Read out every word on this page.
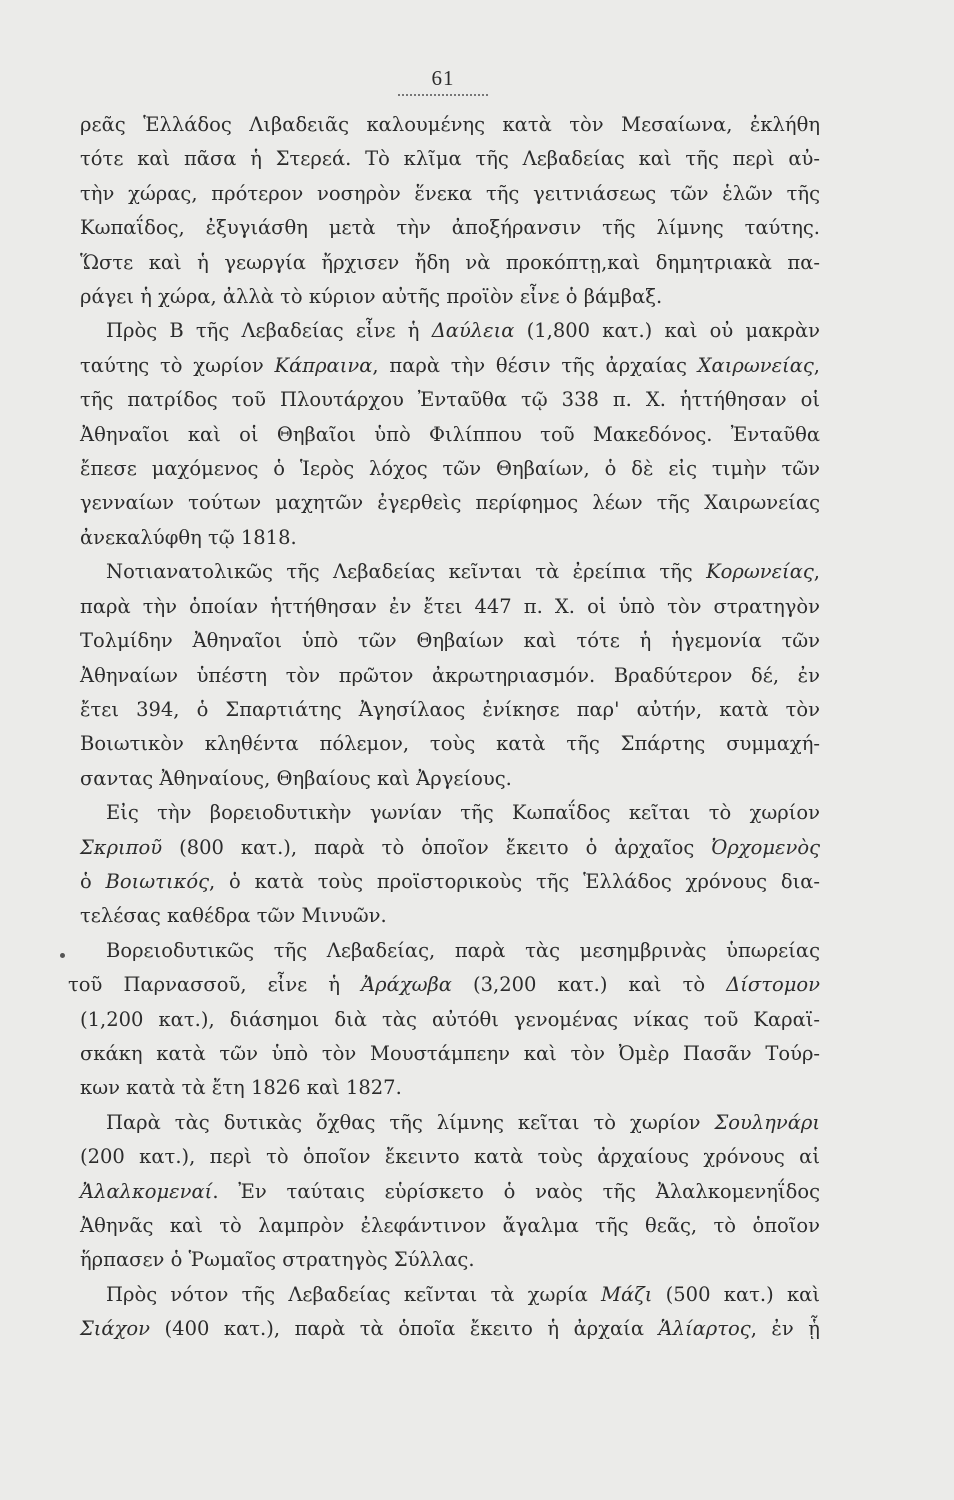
61
ρεᾶς Ἑλλάδος Λιβαδειᾶς καλουμένης κατὰ τὸν Μεσαίωνα, ἐκλήθη
τότε καὶ πᾶσα ἡ Στερεά. Τὸ κλῖμα τῆς Λεβαδείας καὶ τῆς περὶ αὐ-
τὴν χώρας, πρότερον νοσηρὸν ἕνεκα τῆς γειτνιάσεως τῶν ἑλῶν τῆς
Κωπαΐδος, ἐξυγιάσθη μετὰ τὴν ἀποξήρανσιν τῆς λίμνης ταύτης.
Ὥστε καὶ ἡ γεωργία ἤρχισεν ἤδη νὰ προκόπτῃ,καὶ δημητριακὰ πα-
ράγει ἡ χώρα, ἀλλὰ τὸ κύριον αὐτῆς προϊὸν εἶνε ὁ βάμβαξ.
Πρὸς Β τῆς Λεβαδείας εἶνε ἡ Δαύλεια (1,800 κατ.) καὶ οὐ μακρὰν
ταύτης τὸ χωρίον Κάπραινα, παρὰ τὴν θέσιν τῆς ἀρχαίας Χαιρωνείας,
τῆς πατρίδος τοῦ Πλουτάρχου Ἐνταῦθα τῷ 338 π. Χ. ἡττήθησαν οἱ
Ἀθηναῖοι καὶ οἱ Θηβαῖοι ὑπὸ Φιλίππου τοῦ Μακεδόνος. Ἐνταῦθα
ἔπεσε μαχόμενος ὁ Ἱερὸς λόχος τῶν Θηβαίων, ὁ δὲ εἰς τιμὴν τῶν
γενναίων τούτων μαχητῶν ἐγερθεὶς περίφημος λέων τῆς Χαιρωνείας
ἀνεκαλύφθη τῷ 1818.
Νοτιανατολικῶς τῆς Λεβαδείας κεῖνται τὰ ἐρείπια τῆς Κορωνείας,
παρὰ τὴν ὁποίαν ἡττήθησαν ἐν ἔτει 447 π. Χ. οἱ ὑπὸ τὸν στρατηγὸν
Τολμίδην Ἀθηναῖοι ὑπὸ τῶν Θηβαίων καὶ τότε ἡ ἡγεμονία τῶν
Ἀθηναίων ὑπέστη τὸν πρῶτον ἀκρωτηριασμόν. Βραδύτερον δέ, ἐν
ἔτει 394, ὁ Σπαρτιάτης Ἀγησίλαος ἐνίκησε παρ' αὐτήν, κατὰ τὸν
Βοιωτικὸν κληθέντα πόλεμον, τοὺς κατὰ τῆς Σπάρτης συμμαχή-
σαντας Ἀθηναίους, Θηβαίους καὶ Ἀργείους.
Εἰς τὴν βορειοδυτικὴν γωνίαν τῆς Κωπαΐδος κεῖται τὸ χωρίον
Σκριποῦ (800 κατ.), παρὰ τὸ ὁποῖον ἔκειτο ὁ ἀρχαῖος Ὀρχομενὸς
ὁ Βοιωτικός, ὁ κατὰ τοὺς προϊστορικοὺς τῆς Ἑλλάδος χρόνους δια-
τελέσας καθέδρα τῶν Μινυῶν.
Βορειοδυτικῶς τῆς Λεβαδείας, παρὰ τὰς μεσημβρινὰς ὑπωρείας
τοῦ Παρνασσοῦ, εἶνε ἡ Ἀράχωβα (3,200 κατ.) καὶ τὸ Δίστομον
(1,200 κατ.), διάσημοι διὰ τὰς αὐτόθι γενομένας νίκας τοῦ Καραϊ-
σκάκη κατὰ τῶν ὑπὸ τὸν Μουστάμπεην καὶ τὸν Ὀμὲρ Πασᾶν Τούρ-
κων κατὰ τὰ ἔτη 1826 καὶ 1827.
Παρὰ τὰς δυτικὰς ὄχθας τῆς λίμνης κεῖται τὸ χωρίον Σουληνάρι
(200 κατ.), περὶ τὸ ὁποῖον ἔκειντο κατὰ τοὺς ἀρχαίους χρόνους αἱ
Ἀλαλκομεναί. Ἐν ταύταις εὑρίσκετο ὁ ναὸς τῆς Ἀλαλκομενηΐδος
Ἀθηνᾶς καὶ τὸ λαμπρὸν ἐλεφάντινον ἄγαλμα τῆς θεᾶς, τὸ ὁποῖον
ἥρπασεν ὁ Ῥωμαῖος στρατηγὸς Σύλλας.
Πρὸς νότον τῆς Λεβαδείας κεῖνται τὰ χωρία Μάζι (500 κατ.) καὶ
Σιάχον (400 κατ.), παρὰ τὰ ὁποῖα ἔκειτο ἡ ἀρχαία Ἁλίαρτος, ἐν ᾗ
